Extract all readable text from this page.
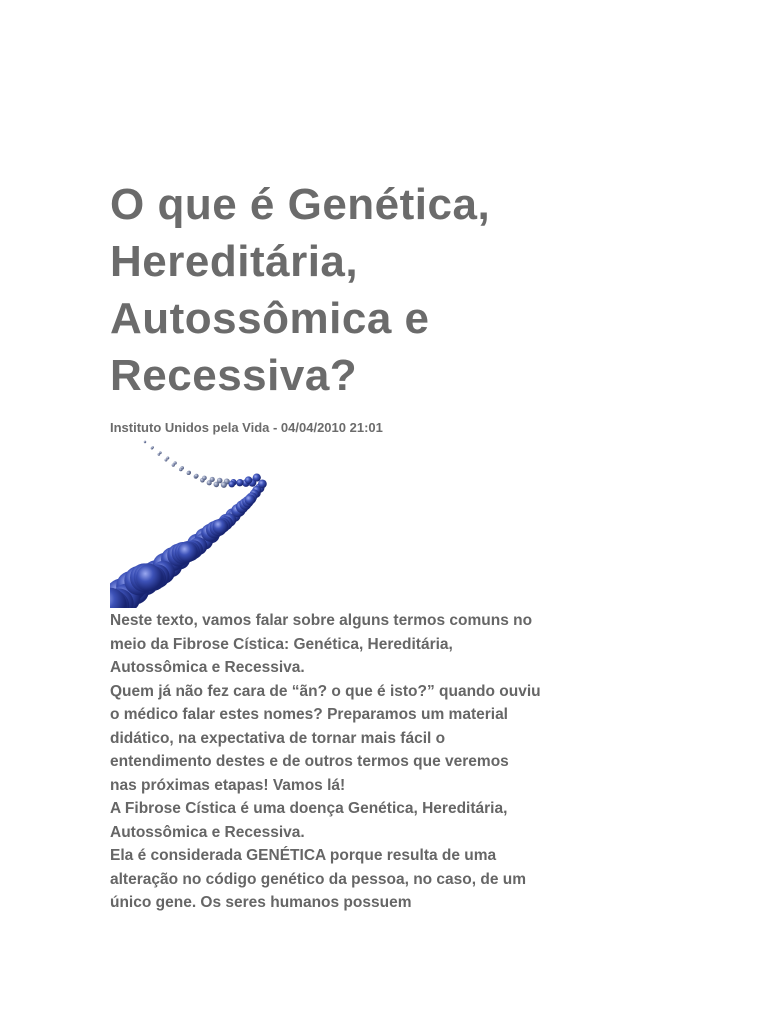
O que é Genética,
Hereditária,
Autossômica e
Recessiva?
Instituto Unidos pela Vida - 04/04/2010 21:01

Neste texto, vamos falar sobre alguns termos comuns no

meio da Fibrose Cística: Genética, Hereditária,

Autossômica e Recessiva.

Quem já não fez cara de “ãn? o que é isto?” quando ouviu

o médico falar estes nomes? Preparamos um material

didático, na expectativa de tornar mais fácil o

entendimento destes e de outros termos que veremos

nas próximas etapas! Vamos lá!

A Fibrose Cística é uma doença Genética, Hereditária,

Autossômica e Recessiva.

Ela é considerada GENÉTICA porque resulta de uma

alteração no código genético da pessoa, no caso, de um

único gene. Os seres humanos possuem
